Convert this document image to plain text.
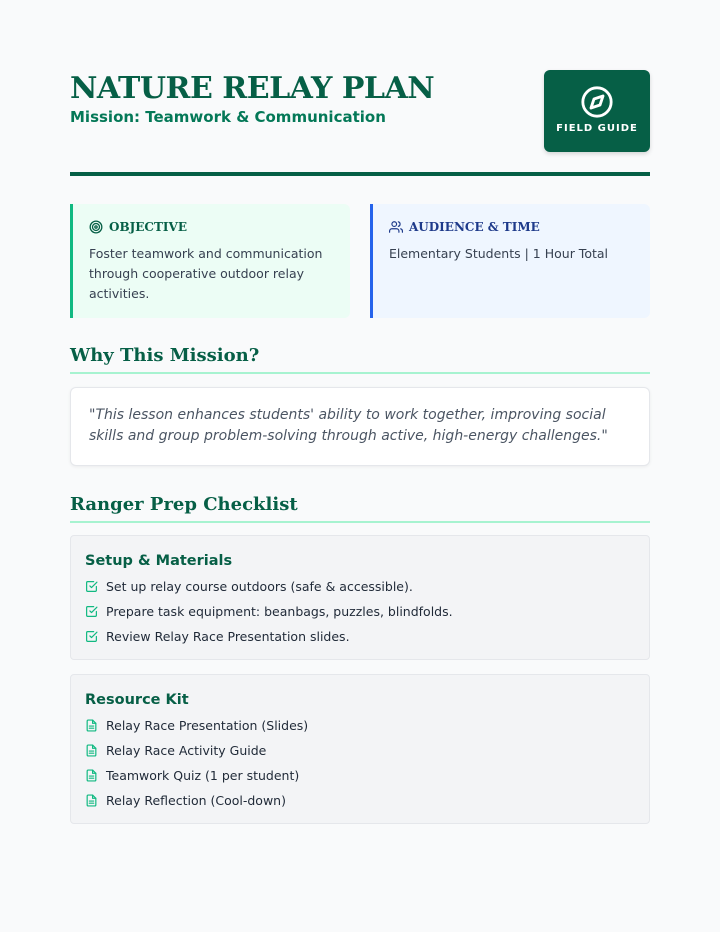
NATURE RELAY PLAN
Mission: Teamwork & Communication
FIELD GUIDE
OBJECTIVE
Foster teamwork and communication through cooperative outdoor relay activities.
AUDIENCE & TIME
Elementary Students | 1 Hour Total
Why This Mission?

"This lesson enhances students' ability to work together, improving social skills and group problem-solving through active, high-energy challenges."

Ranger Prep Checklist
Setup & Materials
Set up relay course outdoors (safe & accessible).
Prepare task equipment: beanbags, puzzles, blindfolds.
Review Relay Race Presentation slides.
Resource Kit
Relay Race Presentation (Slides)
Relay Race Activity Guide
Teamwork Quiz (1 per student)
Relay Reflection (Cool-down)
